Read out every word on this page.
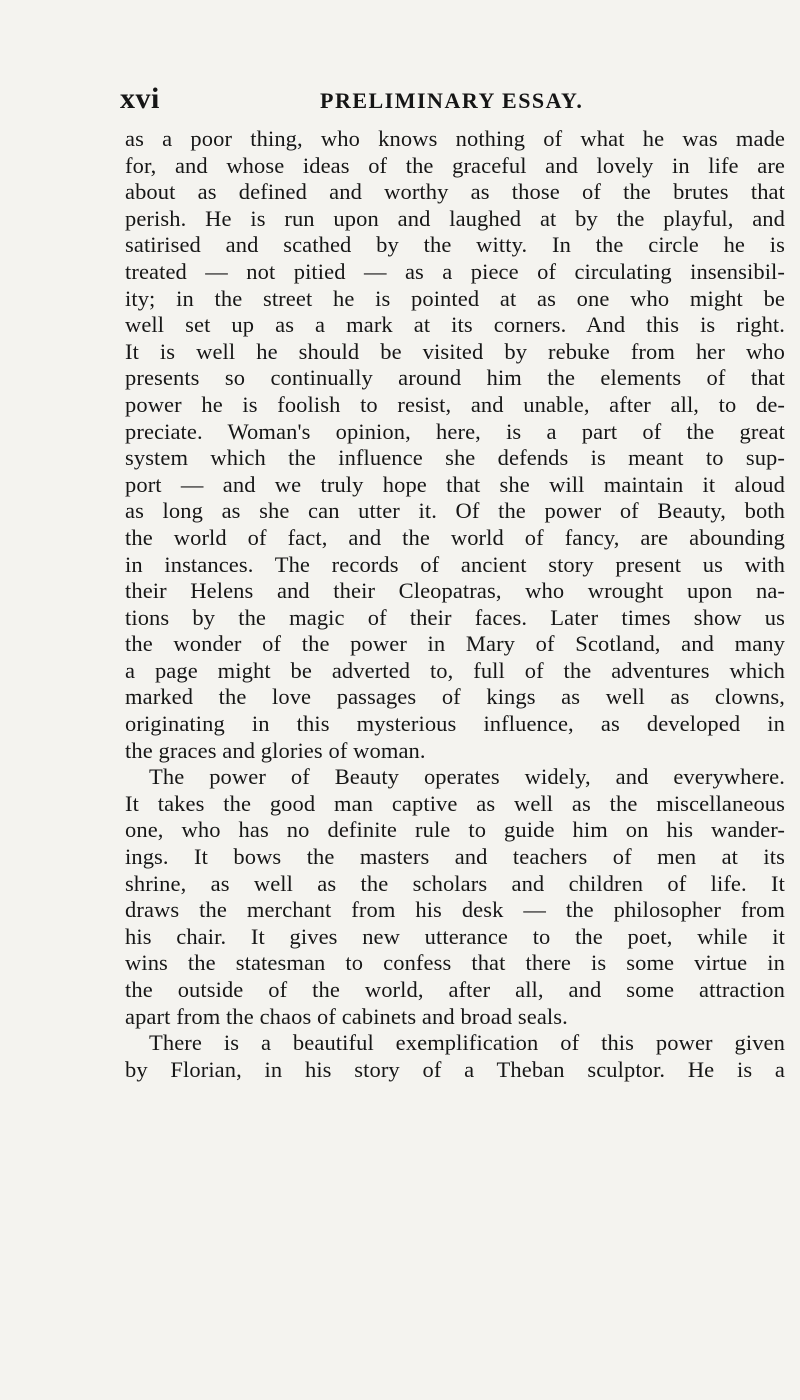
xvi	PRELIMINARY ESSAY.
as a poor thing, who knows nothing of what he was made
for, and whose ideas of the graceful and lovely in life are
about as defined and worthy as those of the brutes that
perish. He is run upon and laughed at by the playful, and
satirised and scathed by the witty. In the circle he is
treated — not pitied — as a piece of circulating insensibil-
ity; in the street he is pointed at as one who might be
well set up as a mark at its corners. And this is right.
It is well he should be visited by rebuke from her who
presents so continually around him the elements of that
power he is foolish to resist, and unable, after all, to de-
preciate. Woman's opinion, here, is a part of the great
system which the influence she defends is meant to sup-
port — and we truly hope that she will maintain it aloud
as long as she can utter it. Of the power of Beauty, both
the world of fact, and the world of fancy, are abounding
in instances. The records of ancient story present us with
their Helens and their Cleopatras, who wrought upon na-
tions by the magic of their faces. Later times show us
the wonder of the power in Mary of Scotland, and many
a page might be adverted to, full of the adventures which
marked the love passages of kings as well as clowns,
originating in this mysterious influence, as developed in
the graces and glories of woman.
The power of Beauty operates widely, and everywhere.
It takes the good man captive as well as the miscellaneous
one, who has no definite rule to guide him on his wander-
ings. It bows the masters and teachers of men at its
shrine, as well as the scholars and children of life. It
draws the merchant from his desk — the philosopher from
his chair. It gives new utterance to the poet, while it
wins the statesman to confess that there is some virtue in
the outside of the world, after all, and some attraction
apart from the chaos of cabinets and broad seals.
There is a beautiful exemplification of this power given
by Florian, in his story of a Theban sculptor. He is a
